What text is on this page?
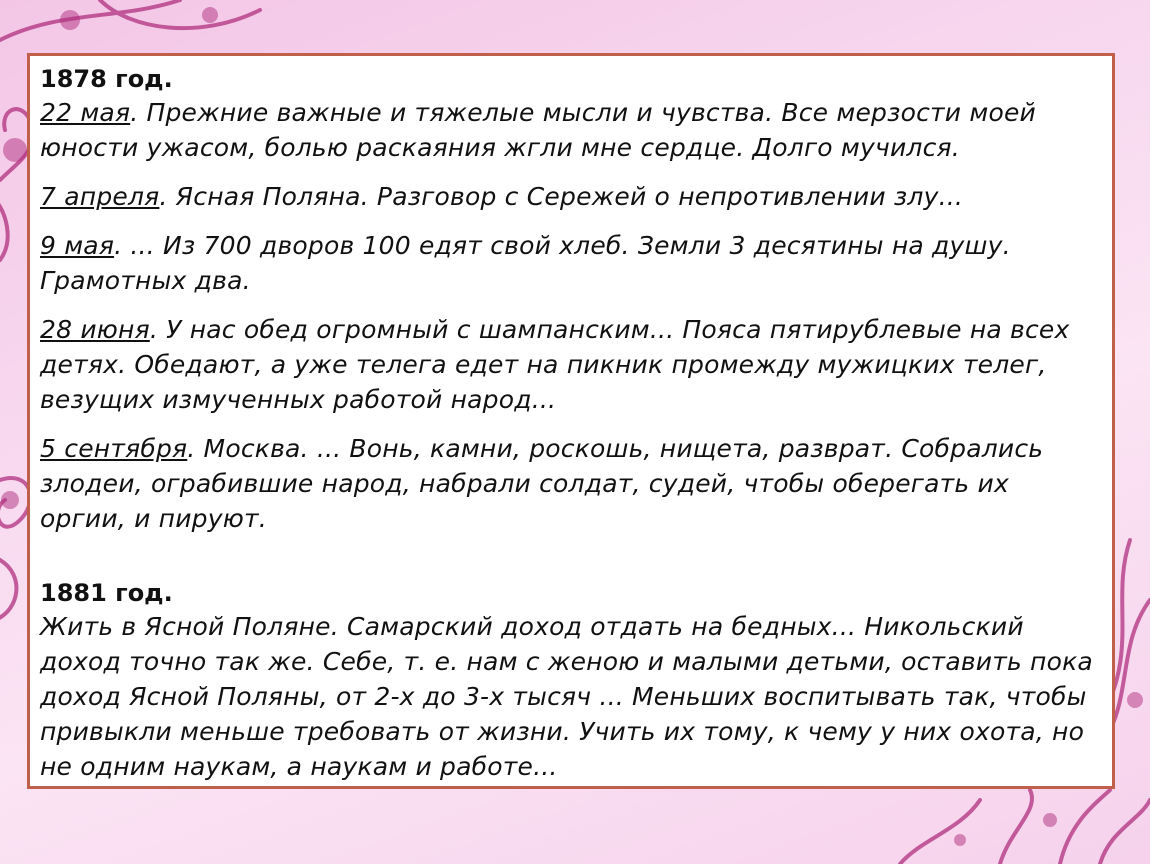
1878 год.

22 мая. Прежние важные и тяжелые мысли и чувства. Все мерзости моей юности ужасом, болью раскаяния жгли мне сердце. Долго мучился.

7 апреля. Ясная Поляна. Разговор с Сережей о непротивлении злу...

9 мая. ... Из 700 дворов 100 едят свой хлеб. Земли 3 десятины на душу. Грамотных два.

28 июня. У нас обед огромный с шампанским... Пояса пятирублевые на всех детях. Обедают, а уже телега едет на пикник промежду мужицких телег, везущих измученных работой народ...

5 сентября. Москва. ... Вонь, камни, роскошь, нищета, разврат. Собрались злодеи, ограбившие народ, набрали солдат, судей, чтобы оберегать их оргии, и пируют.

1881 год.

Жить в Ясной Поляне. Самарский доход отдать на бедных... Никольский доход точно так же. Себе, т. е. нам с женою и малыми детьми, оставить пока доход Ясной Поляны, от 2-х до 3-х тысяч ... Меньших воспитывать так, чтобы привыкли меньше требовать от жизни. Учить их тому, к чему у них охота, но не одним наукам, а наукам и работе...
